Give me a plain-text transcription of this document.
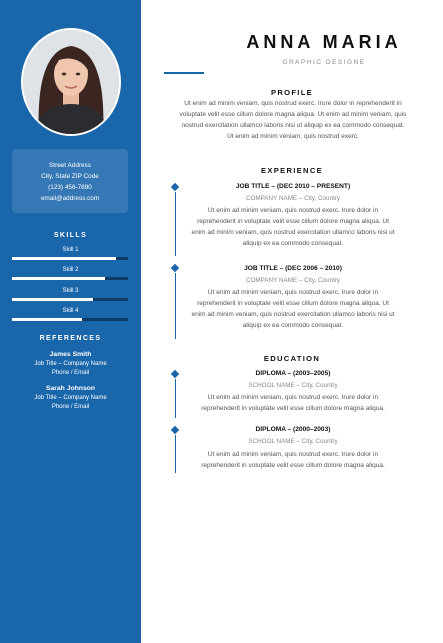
Street Address
City, State ZIP Code
(123) 456-7890
email@address.com
SKILLS
Skill 1
Skill 2
Skill 3
Skill 4
REFERENCES
James Smith
Job Title – Company Name
Phone / Email
Sarah Johnson
Job Title – Company Name
Phone / Email
ANNA MARIA
GRAPHIC DESIGNE
PROFILE
Ut enim ad minim veniam, quis nostrud exerc. Irure dolor in reprehenderit in
voluptate velit esse cillum dolore magna aliqua. Ut enim ad minim veniam, quis
nostrud exercitation ullamco laboris nisi ut aliquip ex ea commodo consequat.
Ut enim ad minim veniam, quis nostrud exerc.
EXPERIENCE
JOB TITLE – (DEC 2010 – PRESENT)
COMPANY NAME – City, Country
Ut enim ad minim veniam, quis nostrud exerc. Irure dolor in
reprehenderit in voluptate velit esse cillum dolore magna aliqua. Ut
enim ad minim veniam, quis nostrud exercitation ullamco laboris nisi ut
aliquip ex ea commodo consequat.
JOB TITLE – (DEC 2006 – 2010)
COMPANY NAME – City, Country
Ut enim ad minim veniam, quis nostrud exerc. Irure dolor in
reprehenderit in voluptate velit esse cillum dolore magna aliqua. Ut
enim ad minim veniam, quis nostrud exercitation ullamco laboris nisi ut
aliquip ex ea commodo consequat.
EDUCATION
DIPLOMA – (2003–2005)
SCHOOL NAME – City, Country
Ut enim ad minim veniam, quis nostrud exerc. Irure dolor in
reprehenderit in voluptate velit esse cillum dolore magna aliqua.
DIPLOMA – (2000–2003)
SCHOOL NAME – City, Country
Ut enim ad minim veniam, quis nostrud exerc. Irure dolor in
reprehenderit in voluptate velit esse cillum dolore magna aliqua.
